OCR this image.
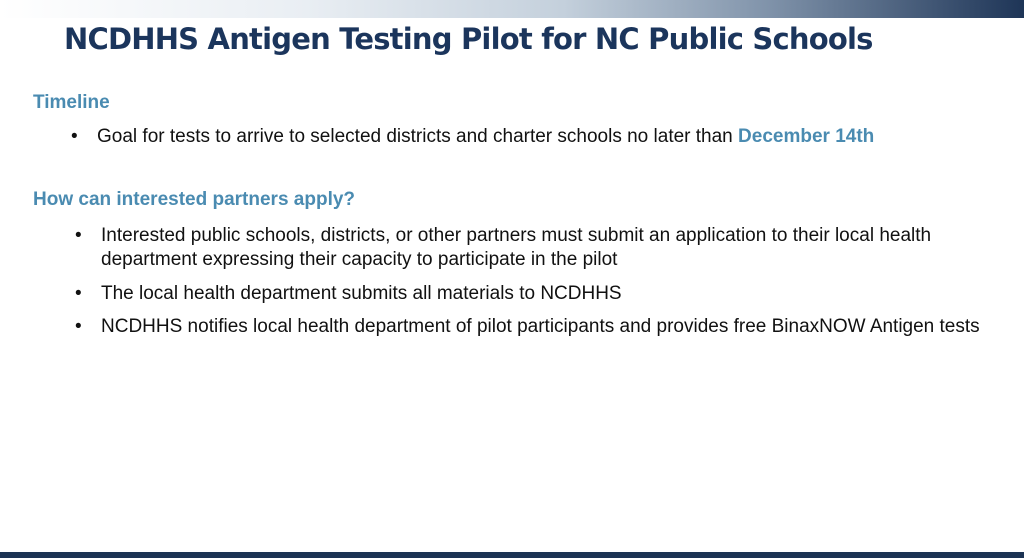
NCDHHS Antigen Testing Pilot for NC Public Schools
Timeline

• Goal for tests to arrive to selected districts and charter schools no later than December 14th

How can interested partners apply?

• Interested public schools, districts, or other partners must submit an application to their local health department expressing their capacity to participate in the pilot

• The local health department submits all materials to NCDHHS

• NCDHHS notifies local health department of pilot participants and provides free BinaxNOW Antigen tests
